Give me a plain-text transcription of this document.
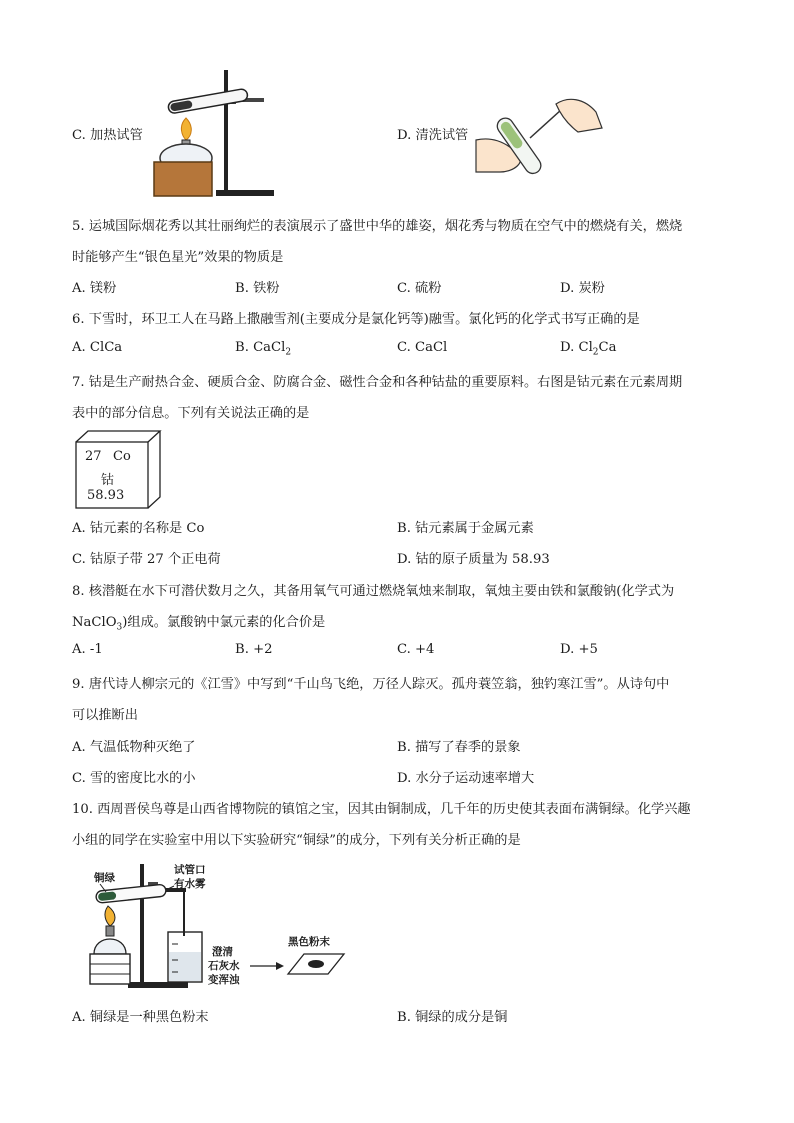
C. 加热试管	D. 清洗试管
5. 运城国际烟花秀以其壮丽绚烂的表演展示了盛世中华的雄姿，烟花秀与物质在空气中的燃烧有关，燃烧
时能够产生“银色星光”效果的物质是
A. 镁粉	B. 铁粉	C. 硫粉	D. 炭粉
6. 下雪时，环卫工人在马路上撒融雪剂(主要成分是氯化钙等)融雪。氯化钙的化学式书写正确的是
A. ClCa	B. CaCl$_2$	C. CaCl	D. $Cl_2Ca$
7. 钴是生产耐热合金、硬质合金、防腐合金、磁性合金和各种钴盐的重要原料。右图是钴元素在元素周期
表中的部分信息。下列有关说法正确的是
27 Co
钴
58.93
A. 钴元素的名称是 Co	B. 钴元素属于金属元素
C. 钴原子带 27 个正电荷	D. 钴的原子质量为 58.93
8. 核潜艇在水下可潜伏数月之久，其备用氧气可通过燃烧氧烛来制取，氧烛主要由铁和氯酸钠(化学式为
NaClO$_3$)组成。氯酸钠中氯元素的化合价是
A. -1	B. +2	C. +4	D. +5
9. 唐代诗人柳宗元的《江雪》中写到“千山鸟飞绝，万径人踪灭。孤舟蓑笠翁，独钓寒江雪”。从诗句中
可以推断出
A. 气温低物种灭绝了	B. 描写了春季的景象
C. 雪的密度比水的小	D. 水分子运动速率增大
10. 西周晋侯鸟尊是山西省博物院的镇馆之宝，因其由铜制成，几千年的历史使其表面布满铜绿。化学兴趣
小组的同学在实验室中用以下实验研究“铜绿”的成分，下列有关分析正确的是
铜绿
试管口
有水雾
澄清
石灰水
变浑浊
黑色粉末
A. 铜绿是一种黑色粉末	B. 铜绿的成分是铜
